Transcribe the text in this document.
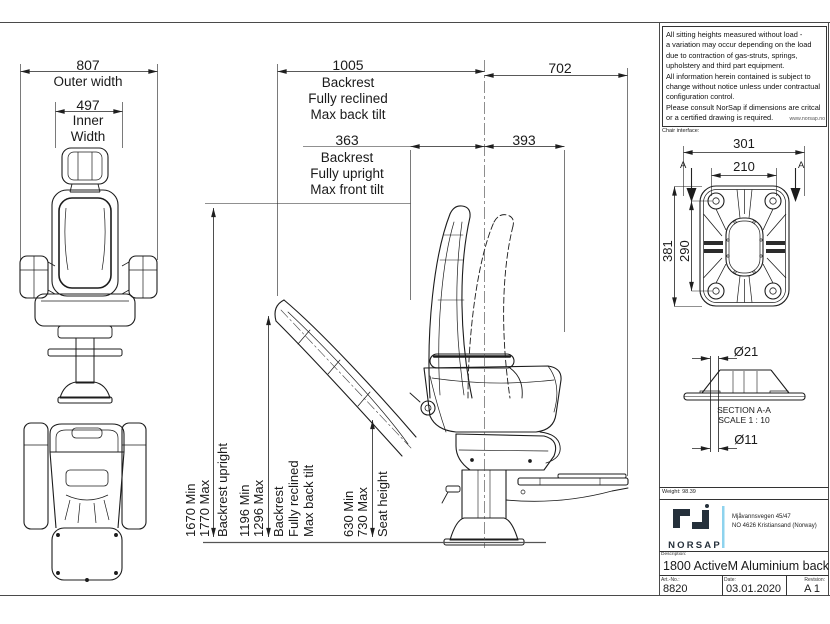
All sitting heights measured without load -
a variation may occur depending on the load
due to contraction of gas-struts, springs,
upholstery and third part equipment.
All information herein contained is subject to
change without notice unless under contractual
configuration control.
Please consult NorSap if dimensions are critcal
or a certified drawing is required.	www.norsap.no
807
Outer width
497
Inner
Width
1005
Backrest
Fully reclined
Max back tilt
702
363
Backrest
Fully upright
Max front tilt
393
1670 Min 1770 Max Backrest upright 1196 Min 1296 Max Backrest Fully reclined Max back tilt 630 Min 730 Max Seat height
Chair interface:
301
210
A	A
381 290
Ø21
SECTION A-A
SCALE 1 : 10
Ø11
Weight: 98.39
NORSAP
Mjåvannsvegen 45/47
NO 4626 Kristiansand (Norway)
Description:
1800 ActiveM Aluminium back
Art.-No.:
8820
Date:
03.01.2020
Revision:
A 1
